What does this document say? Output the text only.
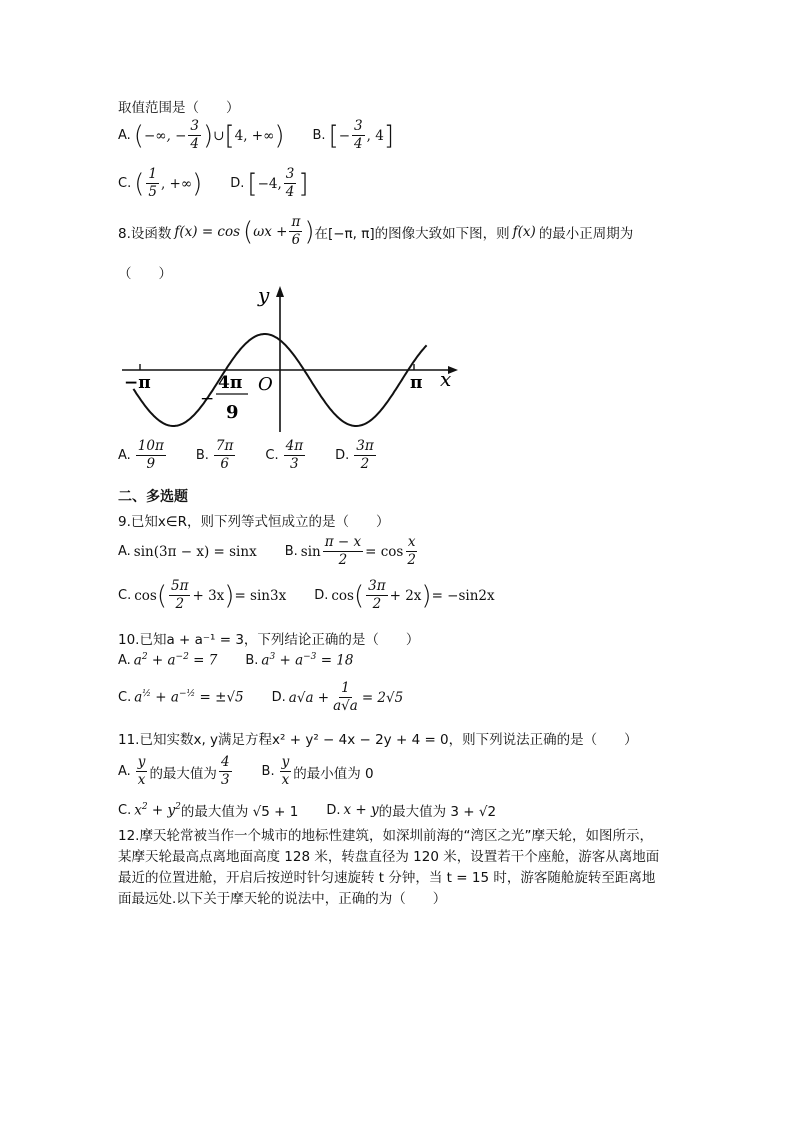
取值范围是（　　）
A. ( −∞, − $\frac{3}{4}$ ) ∪ [ 4, +∞ ) B. [ − $\frac{3}{4}$ , 4 ]
C. ( $\frac{1}{5}$ , +∞ ) D. [ −4, $\frac{3}{4}$ ]
8.设函数 f(x) = cos ( $\omega x + \frac{\pi}{6}$ ) 在[−π, π]的图像大致如下图，则 f(x) 的最小正周期为
（　　）
y
x
O
−π	π
−
4π
9
A. $\frac{10\pi}{9} B$. $\frac{7\pi}{6} C$. $\frac{4\pi}{3} D$. $\frac{3\pi}{2}$
二、多选题
9.已知x∈R，则下列等式恒成立的是（　　）
A. sin(3π − x) = sinx B. $\sin \frac{\pi - x}{2} = \cos \frac{x}{2}$
C. cos ( $\frac{5\pi}{2} + 3x$ ) = sin3x D. cos ( $\frac{3\pi}{2} + 2x$ ) = −sin2x
10.已知a + a⁻¹ = 3，下列结论正确的是（　　）
A. $a^2 + a^{-2} = 7$ B. $a^3 + a^{-3} = 18$
C. $a^{\frac{1}{2}} + a^{-\frac{1}{2}} = \pm√5$ D. $a√a + \frac{1}{a√a} = 2√5$
11.已知实数x, y满足方程x² + y² − 4x − 2y + 4 = 0，则下列说法正确的是（　　）
A. $\frac{y}{x}$ 的最大值为 $\frac{4}{3} B$. $\frac{y}{x}$ 的最小值为 0
C. $x^2 + y^2$ 的最大值为 √5 + 1 D. x + y 的最大值为 3 + √2
12.摩天轮常被当作一个城市的地标性建筑，如深圳前海的“湾区之光”摩天轮，如图所示，
某摩天轮最高点离地面高度 128 米，转盘直径为 120 米，设置若干个座舱，游客从离地面
最近的位置进舱，开启后按逆时针匀速旋转 t 分钟，当 t = 15 时，游客随舱旋转至距离地
面最远处.以下关于摩天轮的说法中，正确的为（　　）
